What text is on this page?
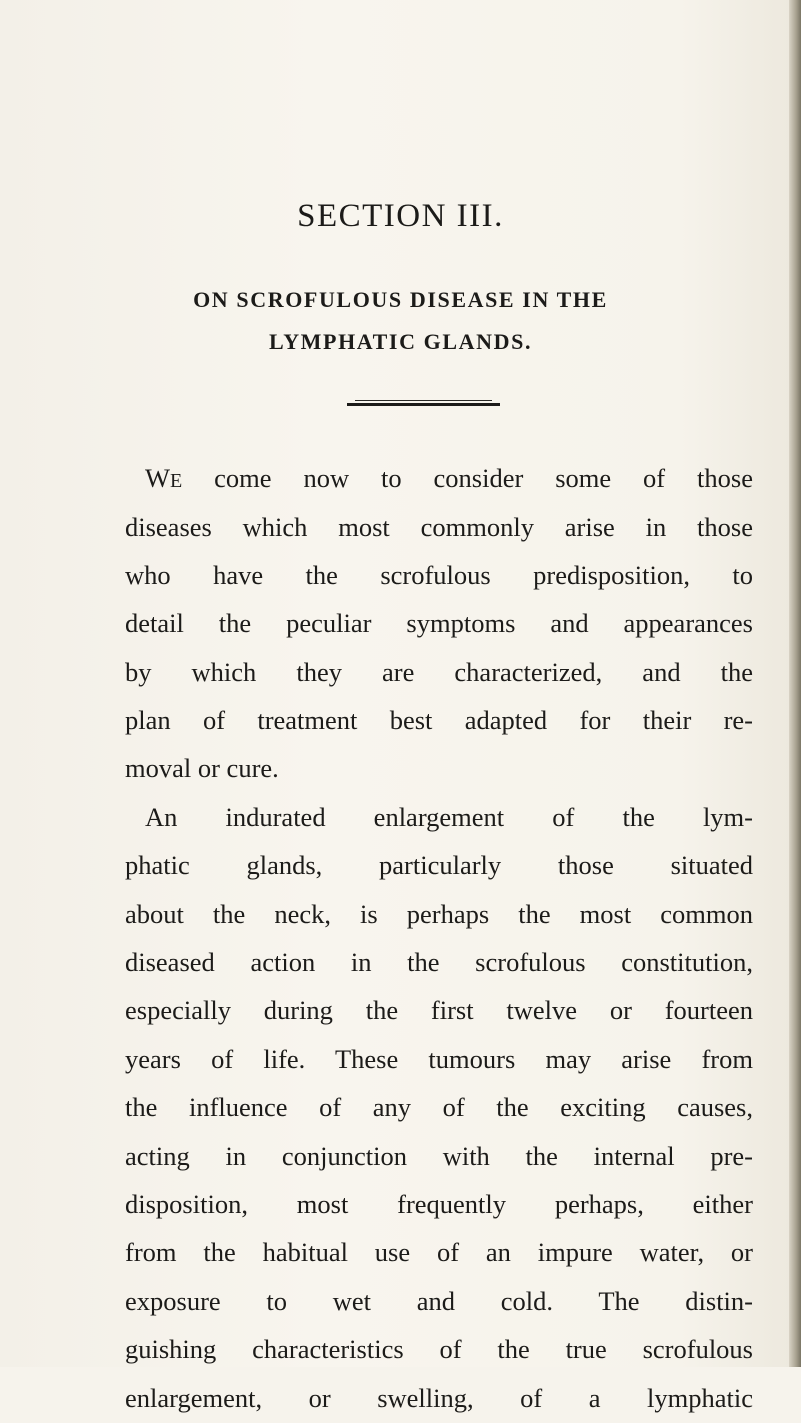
SECTION III.
ON SCROFULOUS DISEASE IN THE
LYMPHATIC GLANDS.
WE come now to consider some of those
diseases which most commonly arise in those
who have the scrofulous predisposition, to
detail the peculiar symptoms and appearances
by which they are characterized, and the
plan of treatment best adapted for their re-
moval or cure.
An indurated enlargement of the lym-
phatic glands, particularly those situated
about the neck, is perhaps the most common
diseased action in the scrofulous constitution,
especially during the first twelve or fourteen
years of life. These tumours may arise from
the influence of any of the exciting causes,
acting in conjunction with the internal pre-
disposition, most frequently perhaps, either
from the habitual use of an impure water, or
exposure to wet and cold. The distin-
guishing characteristics of the true scrofulous
enlargement, or swelling, of a lymphatic
